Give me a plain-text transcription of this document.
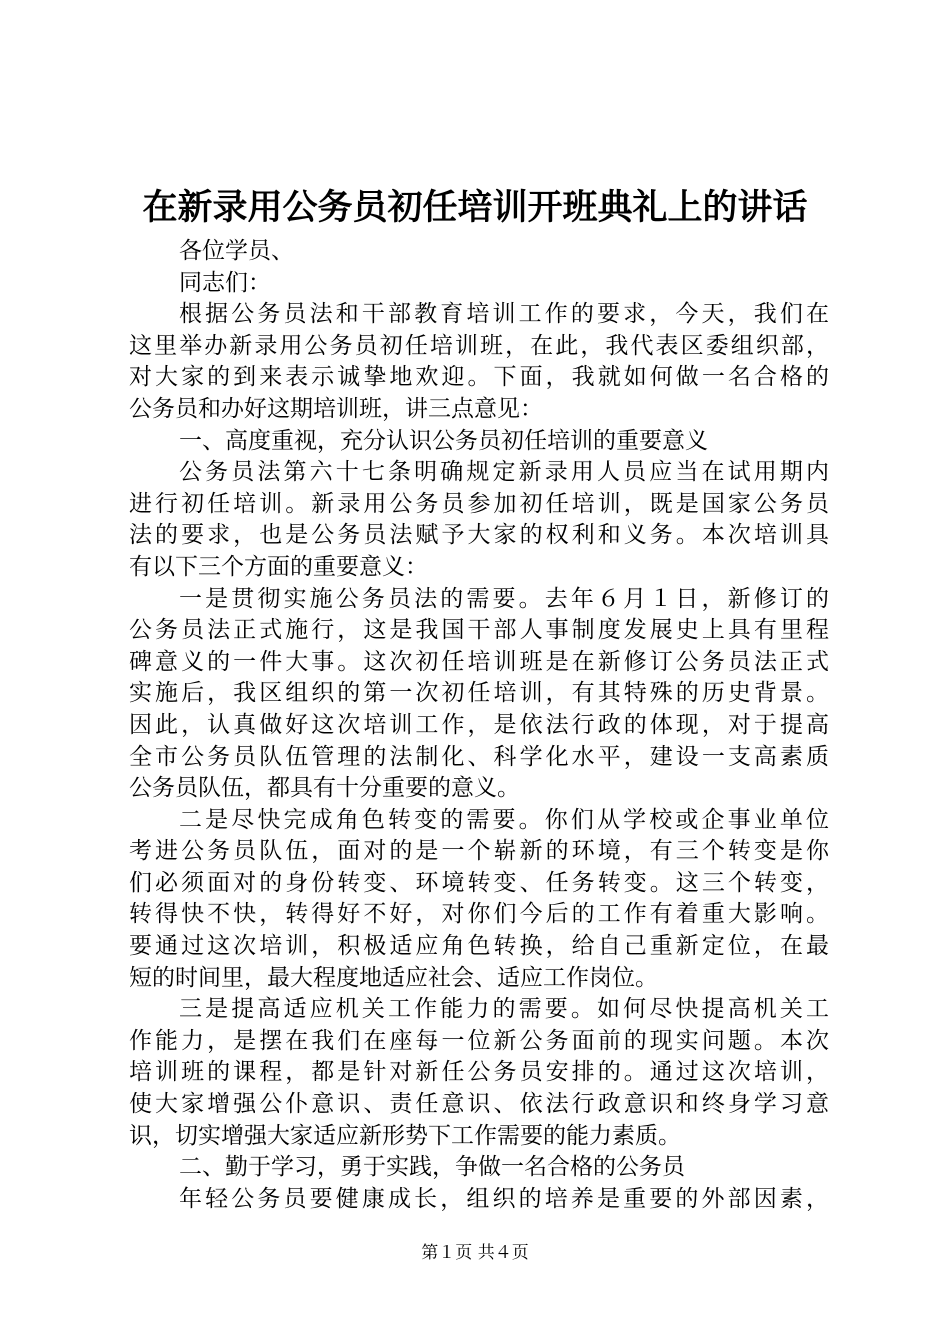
在新录用公务员初任培训开班典礼上的讲话
各位学员、
同志们：
根据公务员法和干部教育培训工作的要求，今天，我们在
这里举办新录用公务员初任培训班，在此，我代表区委组织部，
对大家的到来表示诚挚地欢迎。下面，我就如何做一名合格的
公务员和办好这期培训班，讲三点意见：
一、高度重视，充分认识公务员初任培训的重要意义
公务员法第六十七条明确规定新录用人员应当在试用期内
进行初任培训。新录用公务员参加初任培训，既是国家公务员
法的要求，也是公务员法赋予大家的权利和义务。本次培训具
有以下三个方面的重要意义：
一是贯彻实施公务员法的需要。去年６月１日，新修订的
公务员法正式施行，这是我国干部人事制度发展史上具有里程
碑意义的一件大事。这次初任培训班是在新修订公务员法正式
实施后，我区组织的第一次初任培训，有其特殊的历史背景。
因此，认真做好这次培训工作，是依法行政的体现，对于提高
全市公务员队伍管理的法制化、科学化水平，建设一支高素质
公务员队伍，都具有十分重要的意义。
二是尽快完成角色转变的需要。你们从学校或企事业单位
考进公务员队伍，面对的是一个崭新的环境，有三个转变是你
们必须面对的身份转变、环境转变、任务转变。这三个转变，
转得快不快，转得好不好，对你们今后的工作有着重大影响。
要通过这次培训，积极适应角色转换，给自己重新定位，在最
短的时间里，最大程度地适应社会、适应工作岗位。
三是提高适应机关工作能力的需要。如何尽快提高机关工
作能力，是摆在我们在座每一位新公务面前的现实问题。本次
培训班的课程，都是针对新任公务员安排的。通过这次培训，
使大家增强公仆意识、责任意识、依法行政意识和终身学习意
识，切实增强大家适应新形势下工作需要的能力素质。
二、勤于学习，勇于实践，争做一名合格的公务员
年轻公务员要健康成长，组织的培养是重要的外部因素，
第１页 共４页
